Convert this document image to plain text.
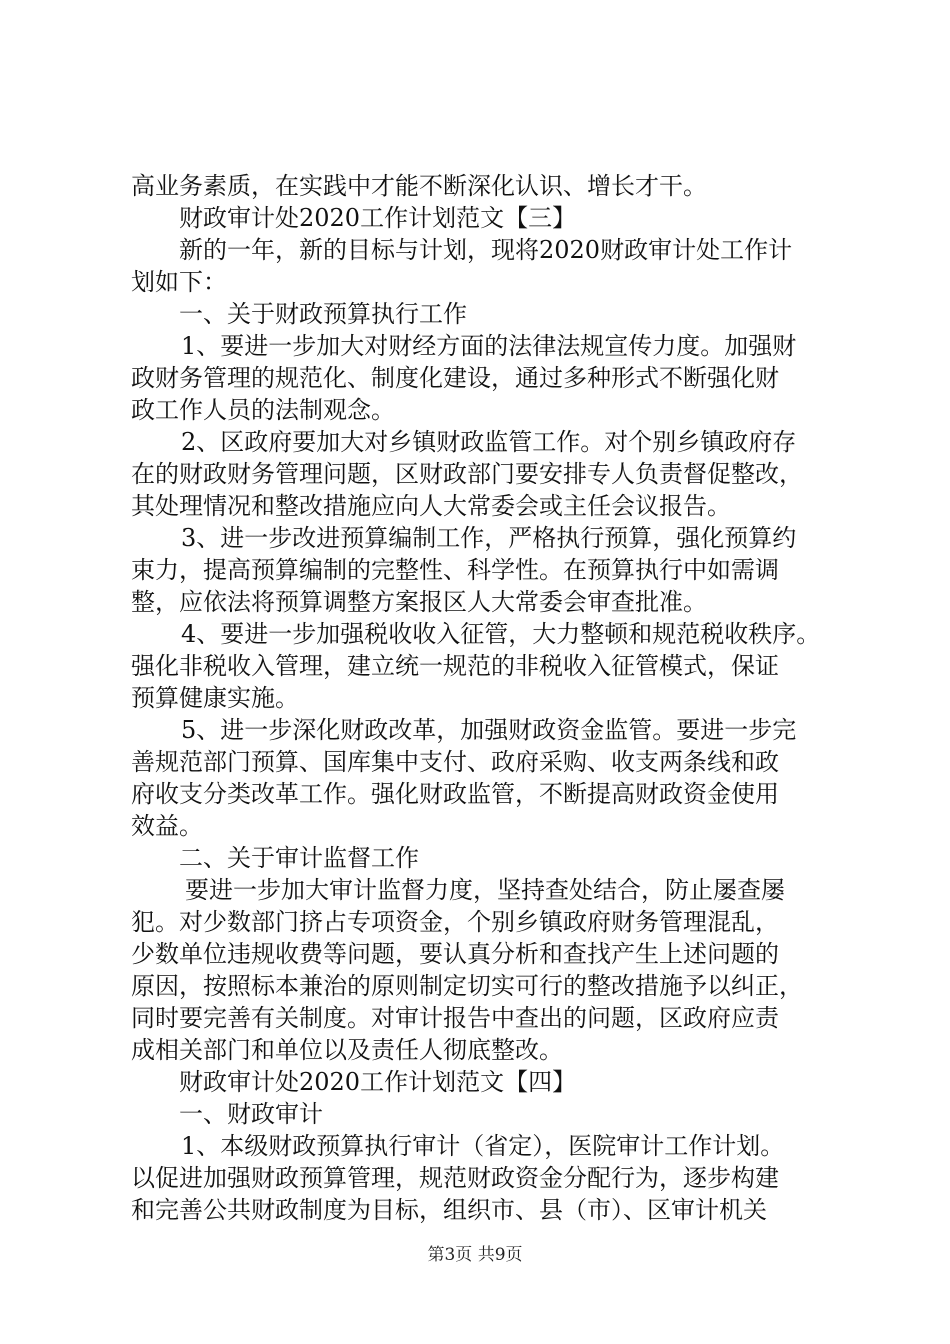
高业务素质，在实践中才能不断深化认识、增长才干。
财政审计处2020工作计划范文【三】
新的一年，新的目标与计划，现将2020财政审计处工作计
划如下：
一、关于财政预算执行工作
1、要进一步加大对财经方面的法律法规宣传力度。加强财
政财务管理的规范化、制度化建设，通过多种形式不断强化财
政工作人员的法制观念。
2、区政府要加大对乡镇财政监管工作。对个别乡镇政府存
在的财政财务管理问题，区财政部门要安排专人负责督促整改，
其处理情况和整改措施应向人大常委会或主任会议报告。
3、进一步改进预算编制工作，严格执行预算，强化预算约
束力，提高预算编制的完整性、科学性。在预算执行中如需调
整，应依法将预算调整方案报区人大常委会审查批准。
4、要进一步加强税收收入征管，大力整顿和规范税收秩序。
强化非税收入管理，建立统一规范的非税收入征管模式，保证
预算健康实施。
5、进一步深化财政改革，加强财政资金监管。要进一步完
善规范部门预算、国库集中支付、政府采购、收支两条线和政
府收支分类改革工作。强化财政监管，不断提高财政资金使用
效益。
二、关于审计监督工作
要进一步加大审计监督力度，坚持查处结合，防止屡查屡
犯。对少数部门挤占专项资金，个别乡镇政府财务管理混乱，
少数单位违规收费等问题，要认真分析和查找产生上述问题的
原因，按照标本兼治的原则制定切实可行的整改措施予以纠正，
同时要完善有关制度。对审计报告中查出的问题，区政府应责
成相关部门和单位以及责任人彻底整改。
财政审计处2020工作计划范文【四】
一、财政审计
1、本级财政预算执行审计（省定），医院审计工作计划。
以促进加强财政预算管理，规范财政资金分配行为，逐步构建
和完善公共财政制度为目标，组织市、县（市）、区审计机关
第3页 共9页
